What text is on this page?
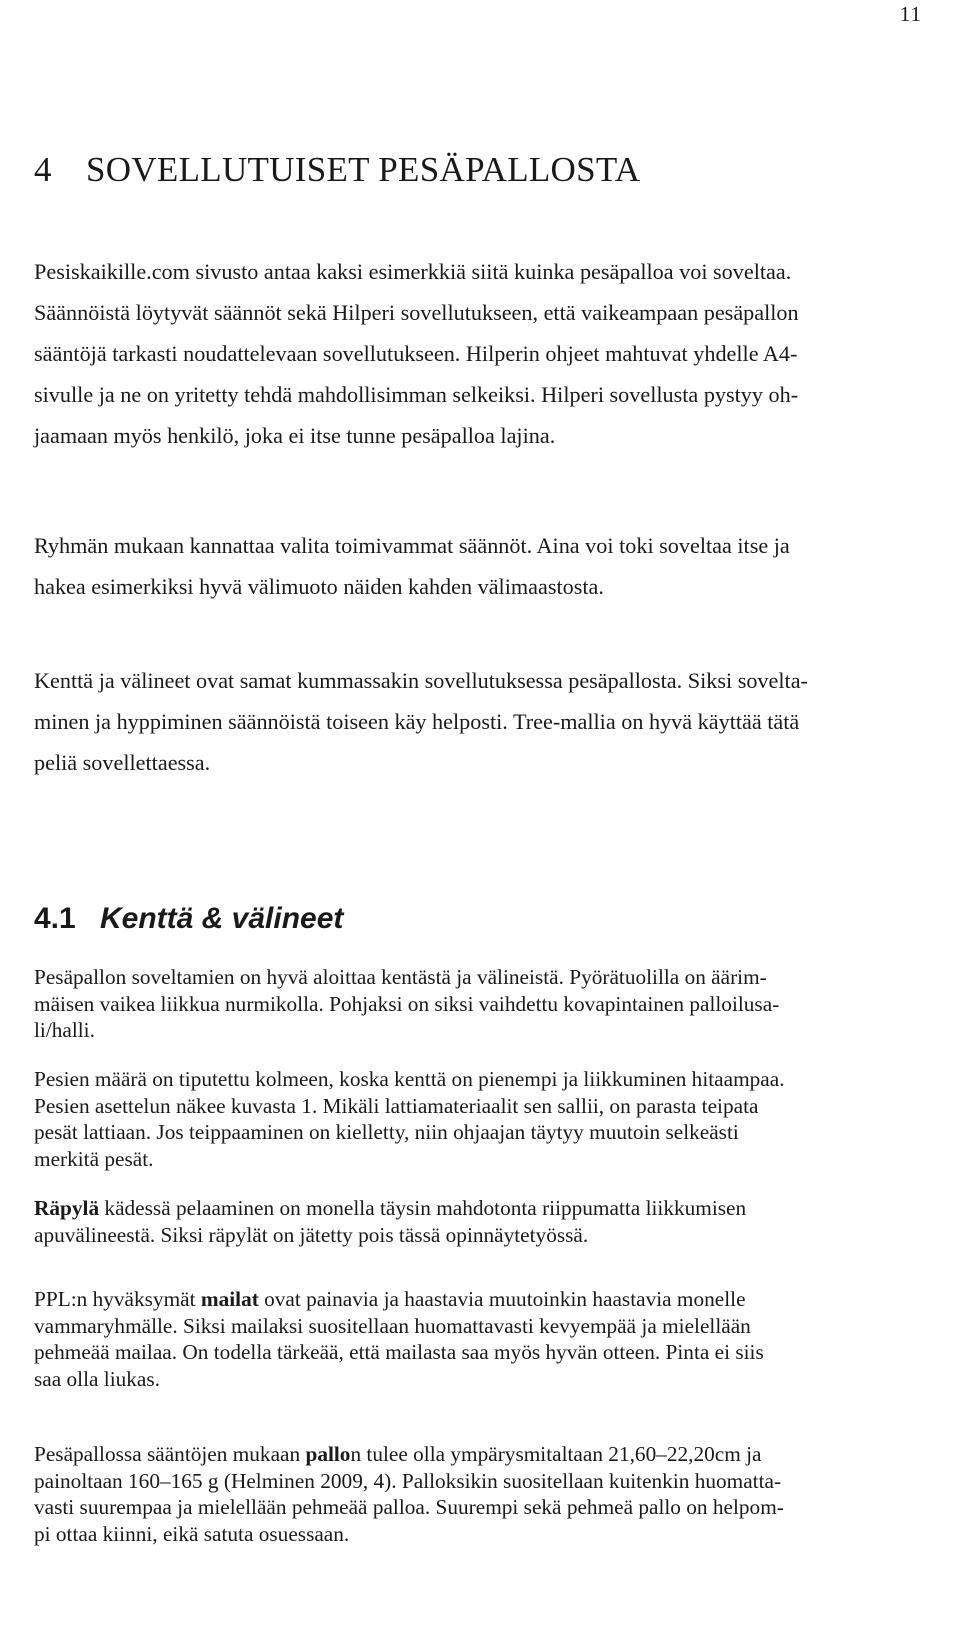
11
4 SOVELLUTUISET PESÄPALLOSTA
Pesiskaikille.com sivusto antaa kaksi esimerkkiä siitä kuinka pesäpalloa voi soveltaa.
Säännöistä löytyvät säännöt sekä Hilperi sovellutukseen, että vaikeampaan pesäpallon
sääntöjä tarkasti noudattelevaan sovellutukseen. Hilperin ohjeet mahtuvat yhdelle A4-
sivulle ja ne on yritetty tehdä mahdollisimman selkeiksi. Hilperi sovellusta pystyy oh-
jaamaan myös henkilö, joka ei itse tunne pesäpalloa lajina.
Ryhmän mukaan kannattaa valita toimivammat säännöt. Aina voi toki soveltaa itse ja
hakea esimerkiksi hyvä välimuoto näiden kahden välimaastosta.
Kenttä ja välineet ovat samat kummassakin sovellutuksessa pesäpallosta. Siksi sovelta-
minen ja hyppiminen säännöistä toiseen käy helposti. Tree-mallia on hyvä käyttää tätä
peliä sovellettaessa.
4.1 Kenttä & välineet
Pesäpallon soveltamien on hyvä aloittaa kentästä ja välineistä. Pyörätuolilla on äärim-
mäisen vaikea liikkua nurmikolla. Pohjaksi on siksi vaihdettu kovapintainen palloilusa-
li/halli.
Pesien määrä on tiputettu kolmeen, koska kenttä on pienempi ja liikkuminen hitaampaa.
Pesien asettelun näkee kuvasta 1. Mikäli lattiamateriaalit sen sallii, on parasta teipata
pesät lattiaan. Jos teippaaminen on kielletty, niin ohjaajan täytyy muutoin selkeästi
merkitä pesät.
Räpylä kädessä pelaaminen on monella täysin mahdotonta riippumatta liikkumisen
apuvälineestä. Siksi räpylät on jätetty pois tässä opinnäytetyössä.
PPL:n hyväksymät mailat ovat painavia ja haastavia muutoinkin haastavia monelle
vammaryhmälle. Siksi mailaksi suositellaan huomattavasti kevyempää ja mielellään
pehmeää mailaa. On todella tärkeää, että mailasta saa myös hyvän otteen. Pinta ei siis
saa olla liukas.
Pesäpallossa sääntöjen mukaan pallon tulee olla ympärysmitaltaan 21,60–22,20cm ja
painoltaan 160–165 g (Helminen 2009, 4). Palloksikin suositellaan kuitenkin huomatta-
vasti suurempaa ja mielellään pehmeää palloa. Suurempi sekä pehmeä pallo on helpom-
pi ottaa kiinni, eikä satuta osuessaan.
